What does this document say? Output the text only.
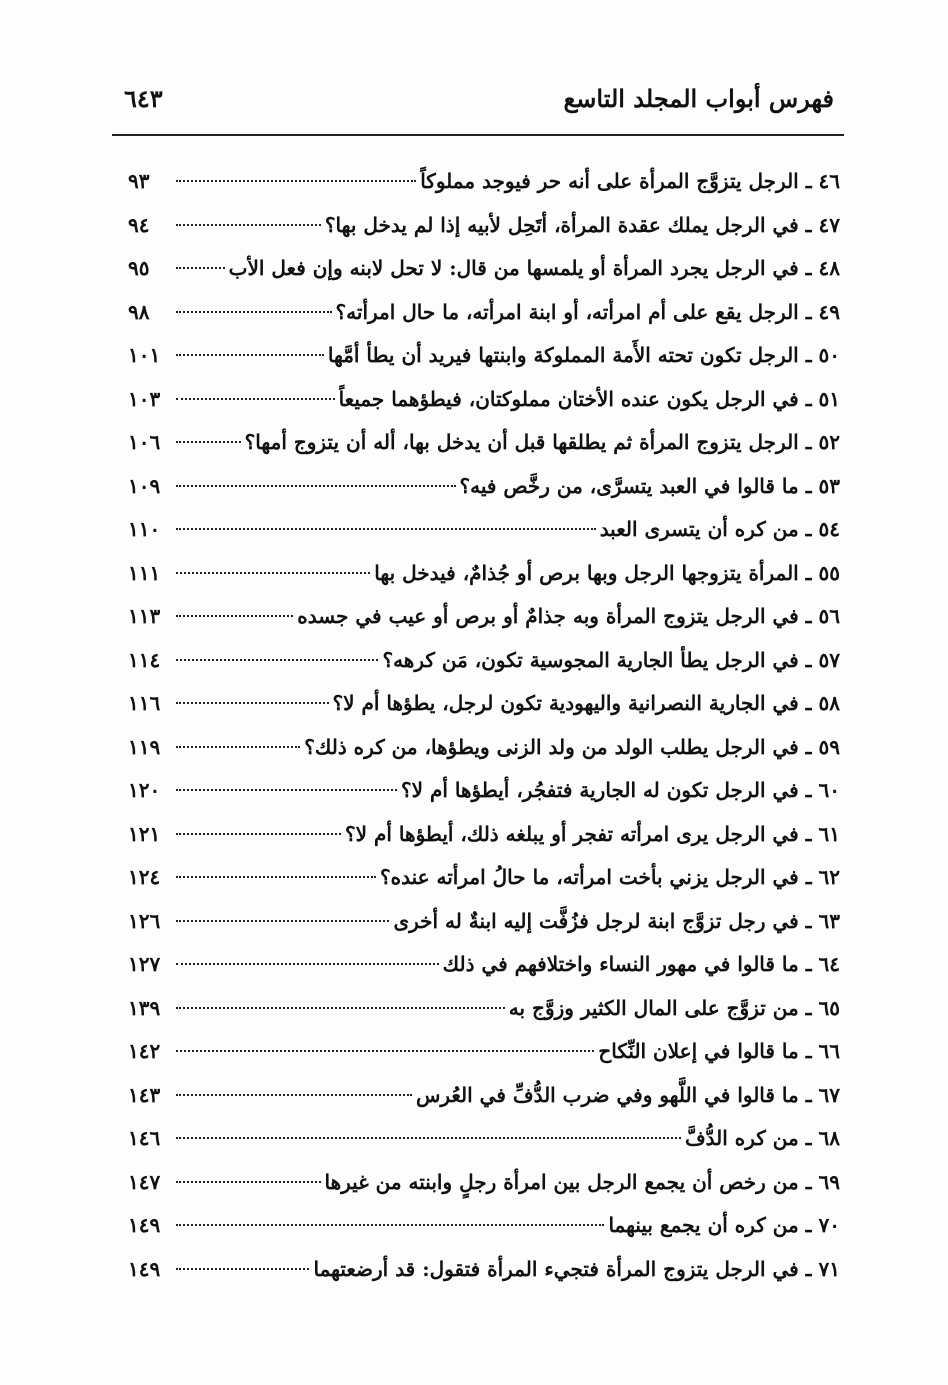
فهرس أبواب المجلد التاسع
٦٤٣
٤٦ ـ الرجل يتزوَّج المرأة على أنه حر فيوجد مملوكاً
٩٣
٤٧ ـ في الرجل يملك عقدة المرأة، أتَحِل لأبيه إذا لم يدخل بها؟
٩٤
٤٨ ـ في الرجل يجرد المرأة أو يلمسها من قال: لا تحل لابنه وإن فعل الأب
٩٥
٤٩ ـ الرجل يقع على أم امرأته، أو ابنة امرأته، ما حال امرأته؟
٩٨
٥٠ ـ الرجل تكون تحته الأَمة المملوكة وابنتها فيريد أن يطأ أمَّها
١٠١
٥١ ـ في الرجل يكون عنده الأختان مملوكتان، فيطؤهما جميعاً
١٠٣
٥٢ ـ الرجل يتزوج المرأة ثم يطلقها قبل أن يدخل بها، أله أن يتزوج أمها؟
١٠٦
٥٣ ـ ما قالوا في العبد يتسرَّى، من رخَّص فيه؟
١٠٩
٥٤ ـ من كره أن يتسرى العبد
١١٠
٥٥ ـ المرأة يتزوجها الرجل وبها برص أو جُذامٌ، فيدخل بها
١١١
٥٦ ـ في الرجل يتزوج المرأة وبه جذامٌ أو برص أو عيب في جسده
١١٣
٥٧ ـ في الرجل يطأ الجارية المجوسية تكون، مَن كرهه؟
١١٤
٥٨ ـ في الجارية النصرانية واليهودية تكون لرجل، يطؤها أم لا؟
١١٦
٥٩ ـ في الرجل يطلب الولد من ولد الزنى ويطؤها، من كره ذلك؟
١١٩
٦٠ ـ في الرجل تكون له الجارية فتفجُر، أيطؤها أم لا؟
١٢٠
٦١ ـ في الرجل يرى امرأته تفجر أو يبلغه ذلك، أيطؤها أم لا؟
١٢١
٦٢ ـ في الرجل يزني بأخت امرأته، ما حالُ امرأته عنده؟
١٢٤
٦٣ ـ في رجل تزوَّج ابنة لرجل فزُفَّت إليه ابنةٌ له أخرى
١٢٦
٦٤ ـ ما قالوا في مهور النساء واختلافهم في ذلك
١٢٧
٦٥ ـ من تزوَّج على المال الكثير وزوَّج به
١٣٩
٦٦ ـ ما قالوا في إعلان النِّكاح
١٤٢
٦٧ ـ ما قالوا في اللَّهو وفي ضرب الدُّفِّ في العُرس
١٤٣
٦٨ ـ من كره الدُّفَّ
١٤٦
٦٩ ـ من رخص أن يجمع الرجل بين امرأة رجلٍ وابنته من غيرها
١٤٧
٧٠ ـ من كره أن يجمع بينهما
١٤٩
٧١ ـ في الرجل يتزوج المرأة فتجيء المرأة فتقول: قد أرضعتهما
١٤٩
